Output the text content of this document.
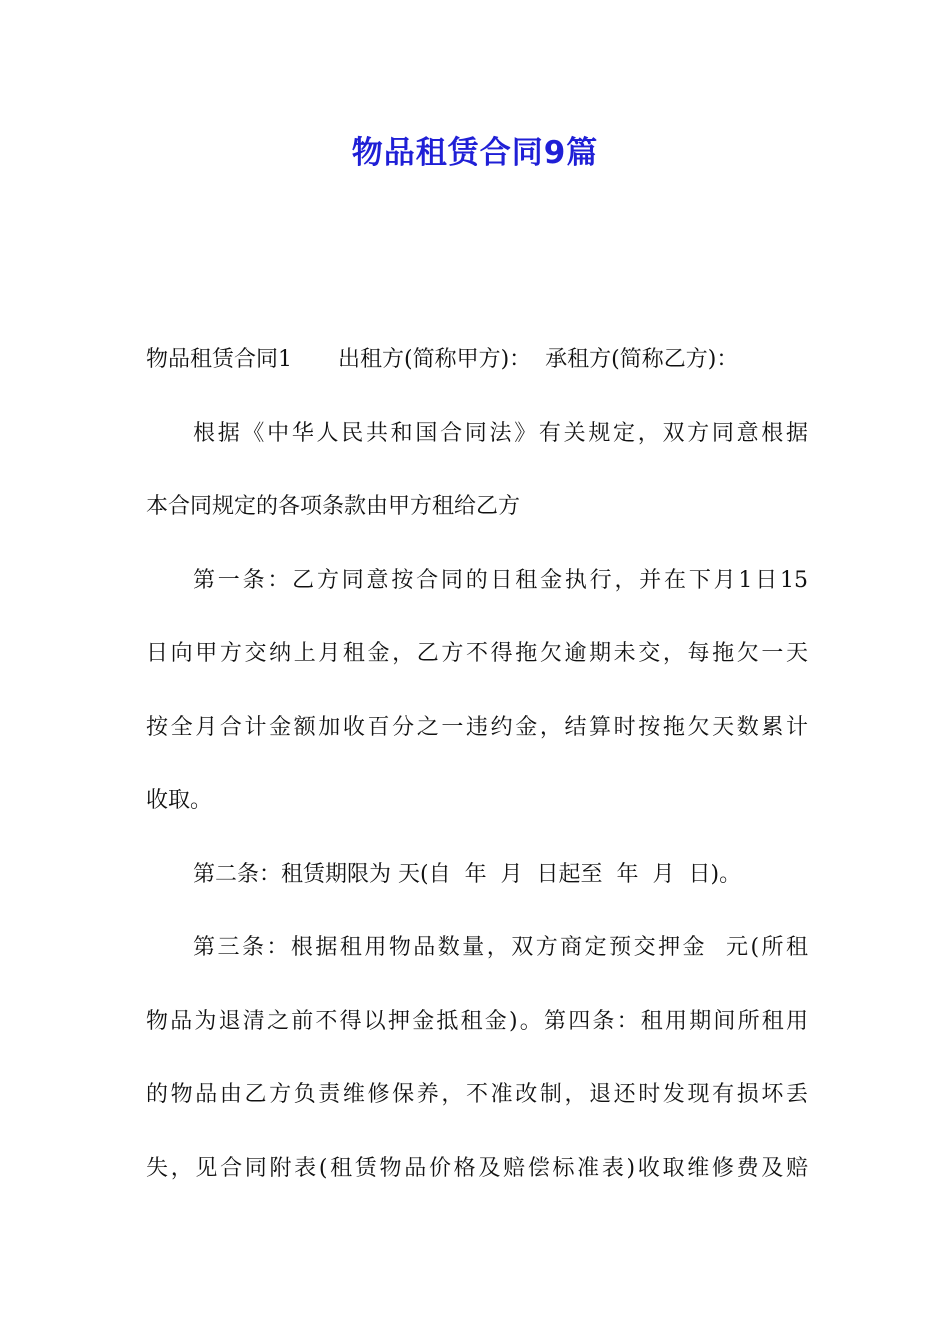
物品租赁合同9篇
物品租赁合同1 出租方(简称甲方)： 承租方(简称乙方)：
根据《中华人民共和国合同法》有关规定，双方同意根据
本合同规定的各项条款由甲方租给乙方
第一条：乙方同意按合同的日租金执行，并在下月1日15
日向甲方交纳上月租金，乙方不得拖欠逾期未交，每拖欠一天
按全月合计金额加收百分之一违约金，结算时按拖欠天数累计
收取。
第二条：租赁期限为 天(自  年  月  日起至  年  月  日)。
第三条：根据租用物品数量，双方商定预交押金  元(所租
物品为退清之前不得以押金抵租金)。第四条：租用期间所租用
的物品由乙方负责维修保养，不准改制，退还时发现有损坏丢
失，见合同附表(租赁物品价格及赔偿标准表)收取维修费及赔
